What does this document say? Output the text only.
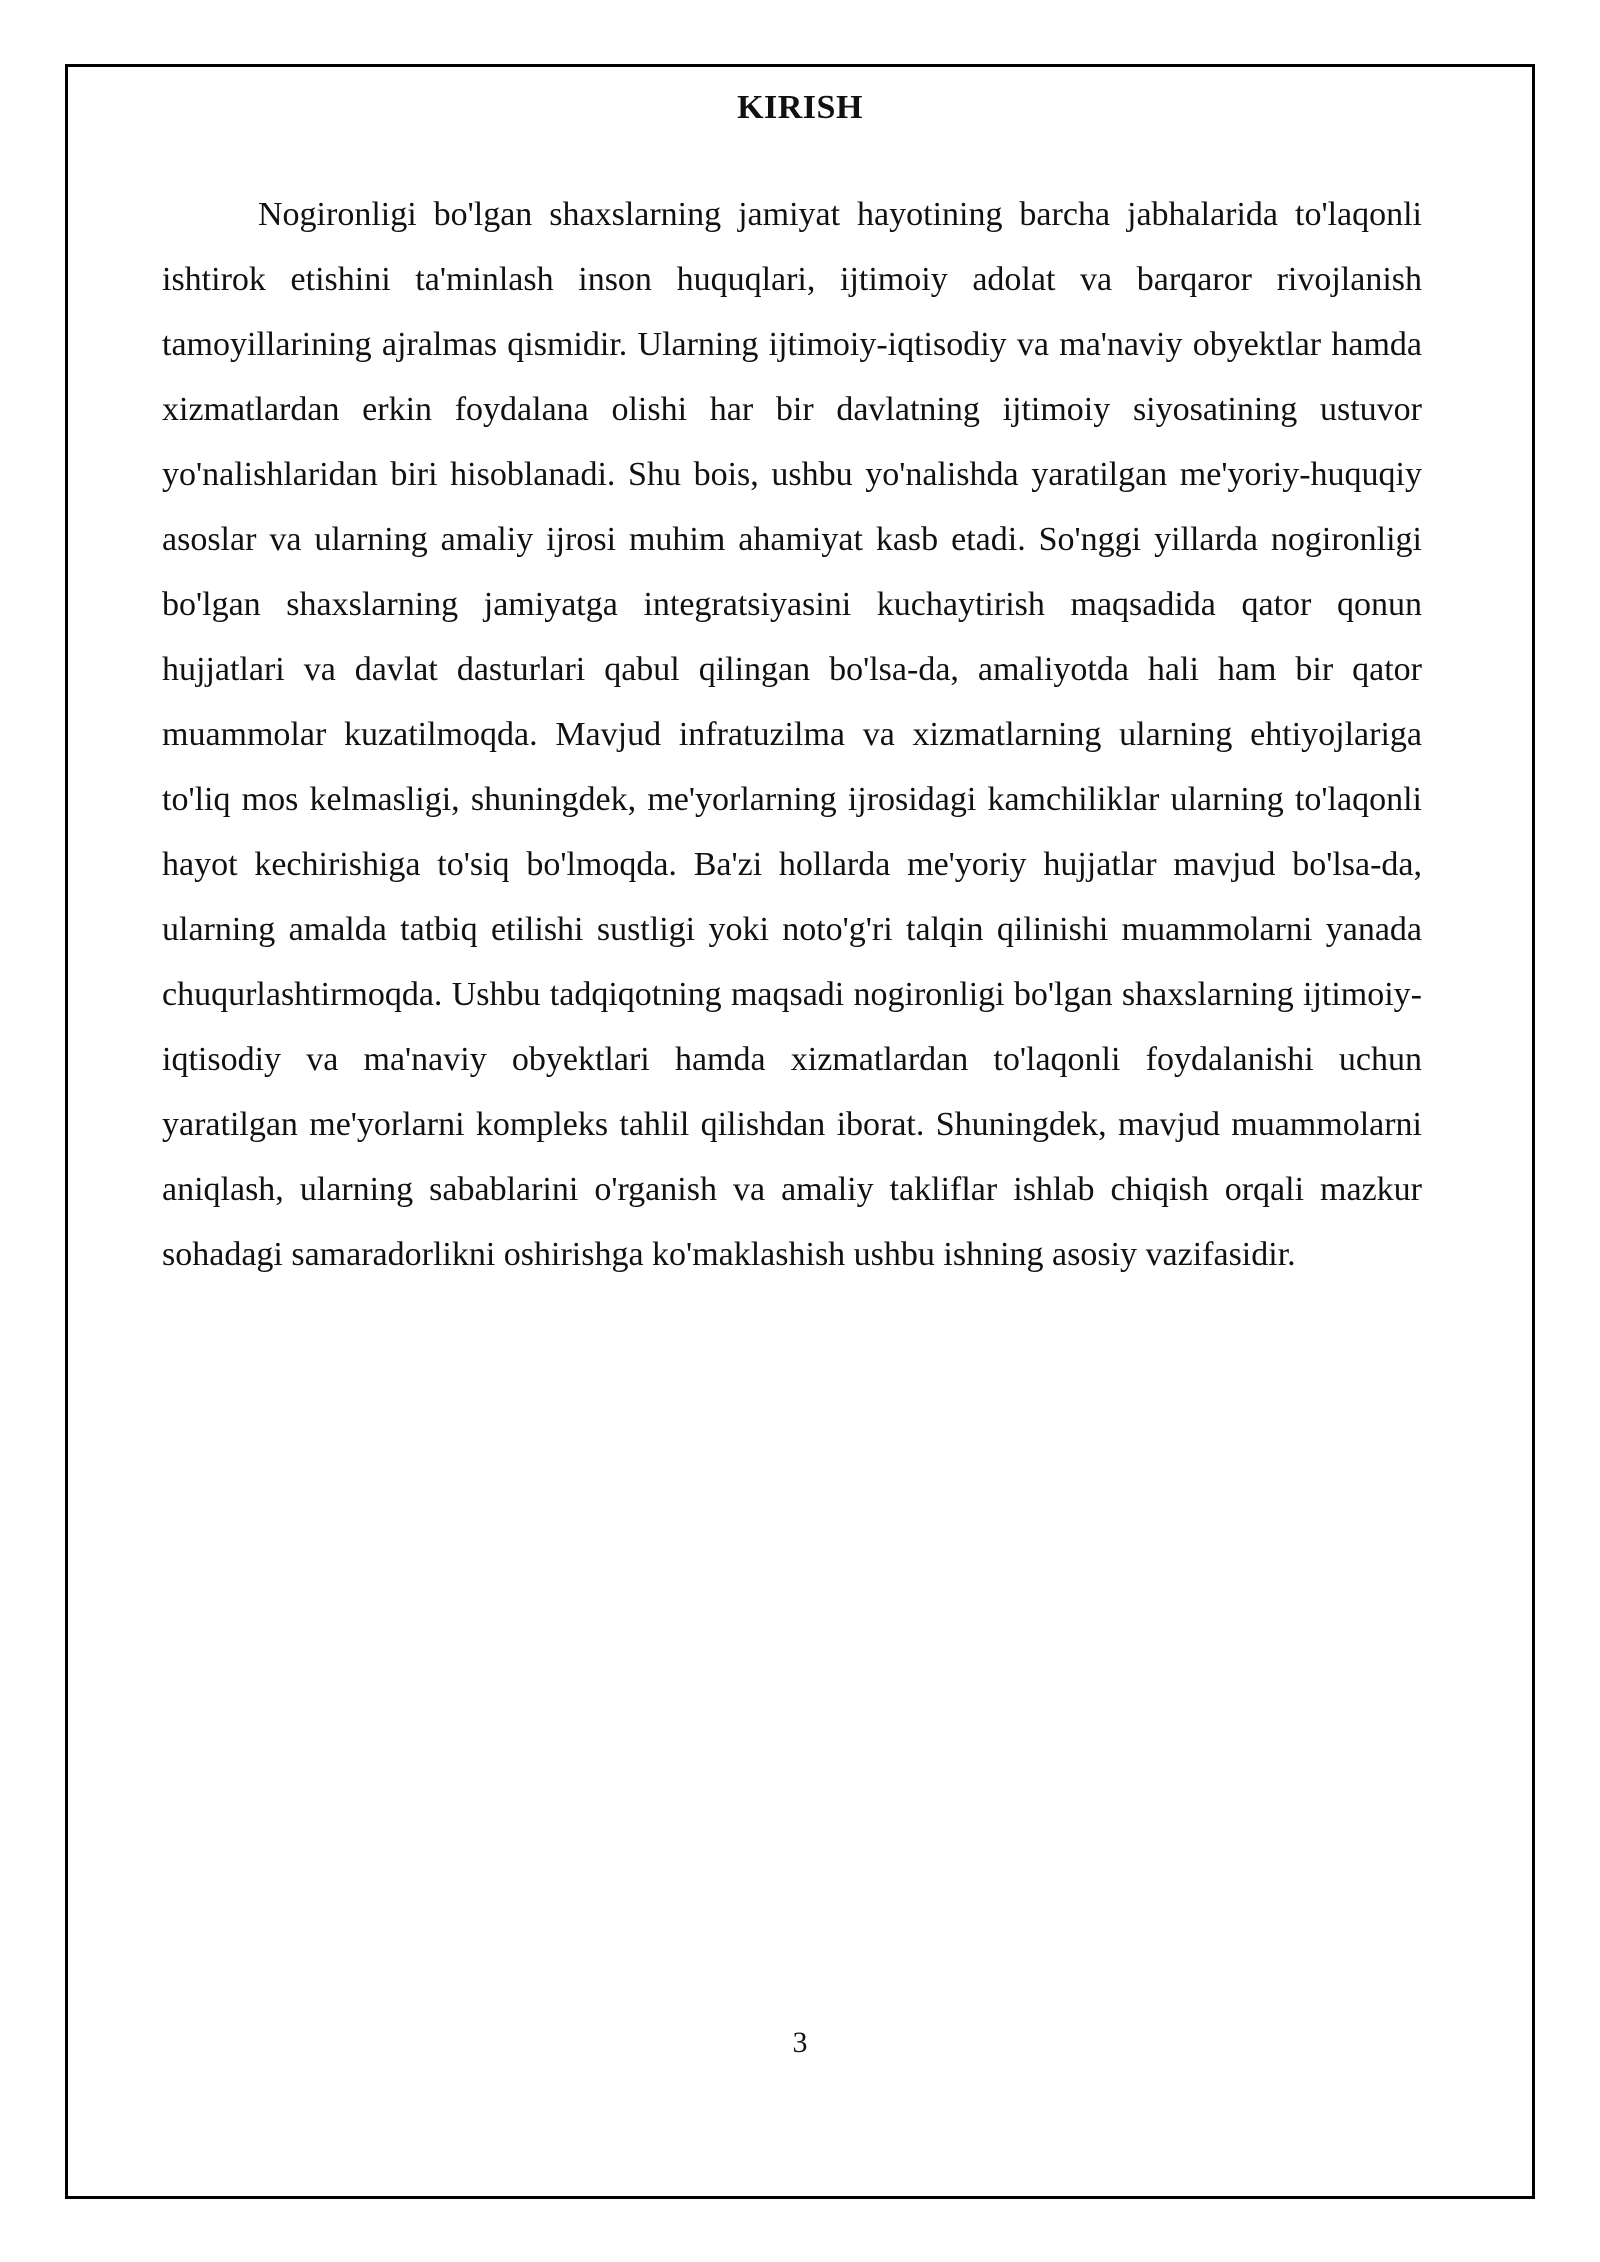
KIRISH

Nogironligi bo'lgan shaxslarning jamiyat hayotining barcha jabhalarida to'laqonli ishtirok etishini ta'minlash inson huquqlari, ijtimoiy adolat va barqaror rivojlanish tamoyillarining ajralmas qismidir. Ularning ijtimoiy-iqtisodiy va ma'naviy obyektlar hamda xizmatlardan erkin foydalana olishi har bir davlatning ijtimoiy siyosatining ustuvor yo'nalishlaridan biri hisoblanadi. Shu bois, ushbu yo'nalishda yaratilgan me'yoriy-huquqiy asoslar va ularning amaliy ijrosi muhim ahamiyat kasb etadi. So'nggi yillarda nogironligi bo'lgan shaxslarning jamiyatga integratsiyasini kuchaytirish maqsadida qator qonun hujjatlari va davlat dasturlari qabul qilingan bo'lsa-da, amaliyotda hali ham bir qator muammolar kuzatilmoqda. Mavjud infratuzilma va xizmatlarning ularning ehtiyojlariga to'liq mos kelmasligi, shuningdek, me'yorlarning ijrosidagi kamchiliklar ularning to'laqonli hayot kechirishiga to'siq bo'lmoqda. Ba'zi hollarda me'yoriy hujjatlar mavjud bo'lsa-da, ularning amalda tatbiq etilishi sustligi yoki noto'g'ri talqin qilinishi muammolarni yanada chuqurlashtirmoqda. Ushbu tadqiqotning maqsadi nogironligi bo'lgan shaxslarning ijtimoiy-iqtisodiy va ma'naviy obyektlari hamda xizmatlardan to'laqonli foydalanishi uchun yaratilgan me'yorlarni kompleks tahlil qilishdan iborat. Shuningdek, mavjud muammolarni aniqlash, ularning sabablarini o'rganish va amaliy takliflar ishlab chiqish orqali mazkur sohadagi samaradorlikni oshirishga ko'maklashish ushbu ishning asosiy vazifasidir.

3
